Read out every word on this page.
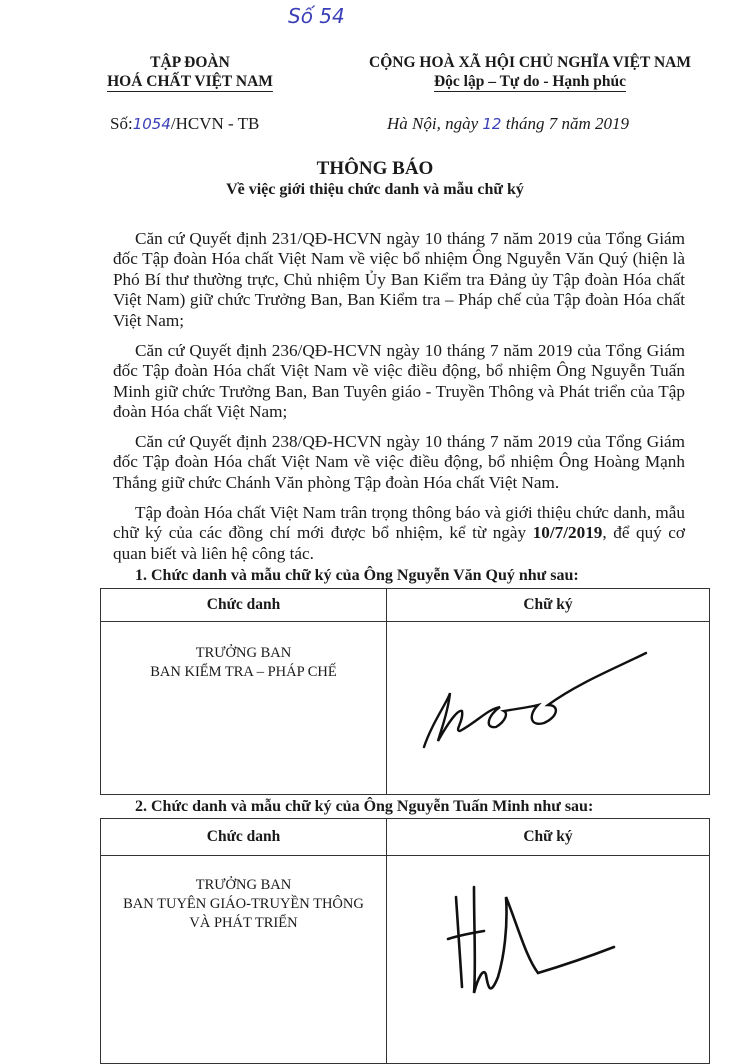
Số 54
TẬP ĐOÀN
HOÁ CHẤT VIỆT NAM
CỘNG HOÀ XÃ HỘI CHỦ NGHĨA VIỆT NAM
Độc lập – Tự do - Hạnh phúc
Số:1054/HCVN - TB	Hà Nội, ngày 12 tháng 7 năm 2019
THÔNG BÁO
Về việc giới thiệu chức danh và mẫu chữ ký
Căn cứ Quyết định 231/QĐ-HCVN ngày 10 tháng 7 năm 2019 của Tổng Giám đốc Tập đoàn Hóa chất Việt Nam về việc bổ nhiệm Ông Nguyễn Văn Quý (hiện là Phó Bí thư thường trực, Chủ nhiệm Ủy Ban Kiểm tra Đảng ủy Tập đoàn Hóa chất Việt Nam) giữ chức Trưởng Ban, Ban Kiểm tra – Pháp chế của Tập đoàn Hóa chất Việt Nam;
Căn cứ Quyết định 236/QĐ-HCVN ngày 10 tháng 7 năm 2019 của Tổng Giám đốc Tập đoàn Hóa chất Việt Nam về việc điều động, bổ nhiệm Ông Nguyễn Tuấn Minh giữ chức Trưởng Ban, Ban Tuyên giáo - Truyền Thông và Phát triển của Tập đoàn Hóa chất Việt Nam;
Căn cứ Quyết định 238/QĐ-HCVN ngày 10 tháng 7 năm 2019 của Tổng Giám đốc Tập đoàn Hóa chất Việt Nam về việc điều động, bổ nhiệm Ông Hoàng Mạnh Thắng giữ chức Chánh Văn phòng Tập đoàn Hóa chất Việt Nam.
Tập đoàn Hóa chất Việt Nam trân trọng thông báo và giới thiệu chức danh, mẫu chữ ký của các đồng chí mới được bổ nhiệm, kể từ ngày 10/7/2019, để quý cơ quan biết và liên hệ công tác.
1. Chức danh và mẫu chữ ký của Ông Nguyễn Văn Quý như sau:
Chức danh	Chữ ký

TRƯỞNG BAN
BAN KIỂM TRA – PHÁP CHẾ

2. Chức danh và mẫu chữ ký của Ông Nguyễn Tuấn Minh như sau:
Chức danh	Chữ ký

TRƯỞNG BAN
BAN TUYÊN GIÁO-TRUYỀN THÔNG
VÀ PHÁT TRIỂN
